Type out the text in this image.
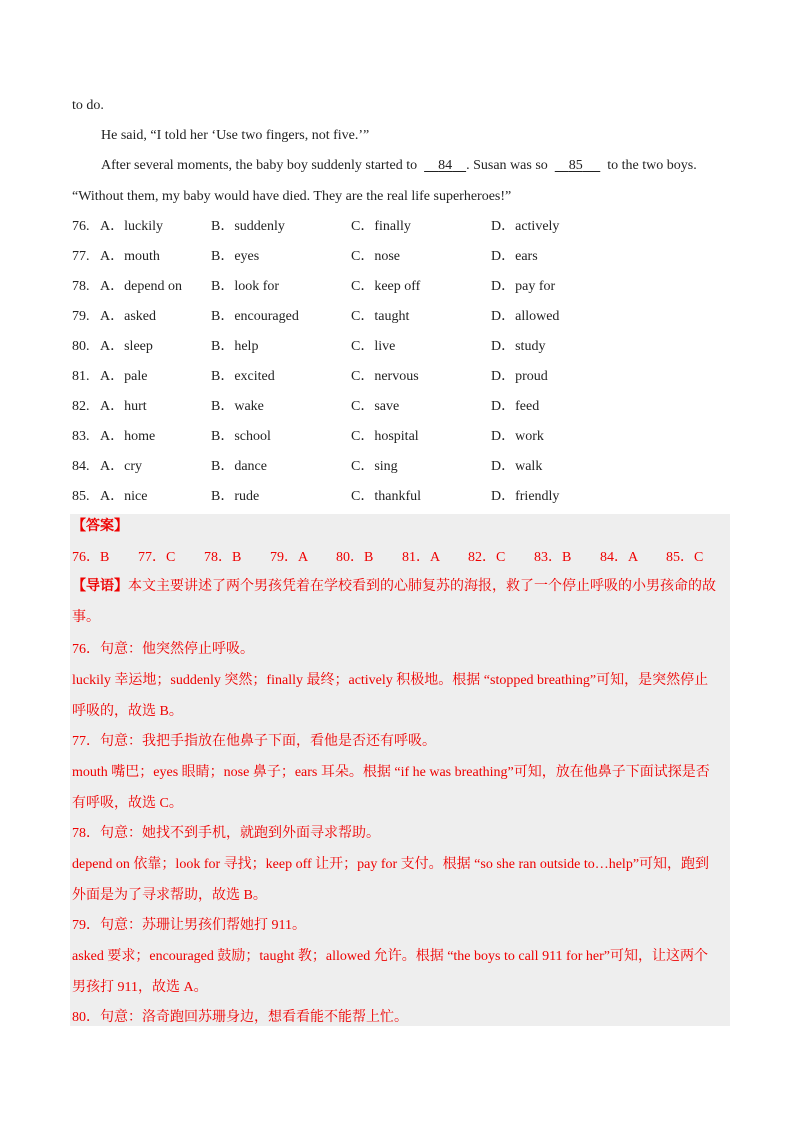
to do.
He said, “I told her ‘Use two fingers, not five.’”
After several moments, the baby boy suddenly started to 84 . Susan was so 85 to the two boys.
“Without them, my baby would have died. They are the real life superheroes!”
76. A．luckily	B．suddenly	C．finally	D．actively
77. A．mouth	B．eyes	C．nose	D．ears
78. A．depend on B．look for	C．keep off	D．pay for
79. A．asked	B．encouraged	C．taught	D．allowed
80. A．sleep	B．help	C．live	D．study
81. A．pale	B．excited	C．nervous	D．proud
82. A．hurt	B．wake	C．save	D．feed
83. A．home	B．school	C．hospital	D．work
84. A．cry	B．dance	C．sing	D．walk
85. A．nice	B．rude	C．thankful	D．friendly
【答案】
76．B 77．C 78．B 79．A 80．B 81．A 82．C 83．B 84．A 85．C
【导语】本文主要讲述了两个男孩凭着在学校看到的心肺复苏的海报，救了一个停止呼吸的小男孩命的故
事。
76．句意：他突然停止呼吸。
luckily 幸运地；suddenly 突然；finally 最终；actively 积极地。根据 “stopped breathing”可知，是突然停止
呼吸的，故选 B。
77．句意：我把手指放在他鼻子下面，看他是否还有呼吸。
mouth 嘴巴；eyes 眼睛；nose 鼻子；ears 耳朵。根据 “if he was breathing”可知，放在他鼻子下面试探是否
有呼吸，故选 C。
78．句意：她找不到手机，就跑到外面寻求帮助。
depend on 依靠；look for 寻找；keep off 让开；pay for 支付。根据 “so she ran outside to…help”可知，跑到
外面是为了寻求帮助，故选 B。
79．句意：苏珊让男孩们帮她打 911。
asked 要求；encouraged 鼓励；taught 教；allowed 允许。根据 “the boys to call 911 for her”可知，让这两个
男孩打 911，故选 A。
80．句意：洛奇跑回苏珊身边，想看看能不能帮上忙。
